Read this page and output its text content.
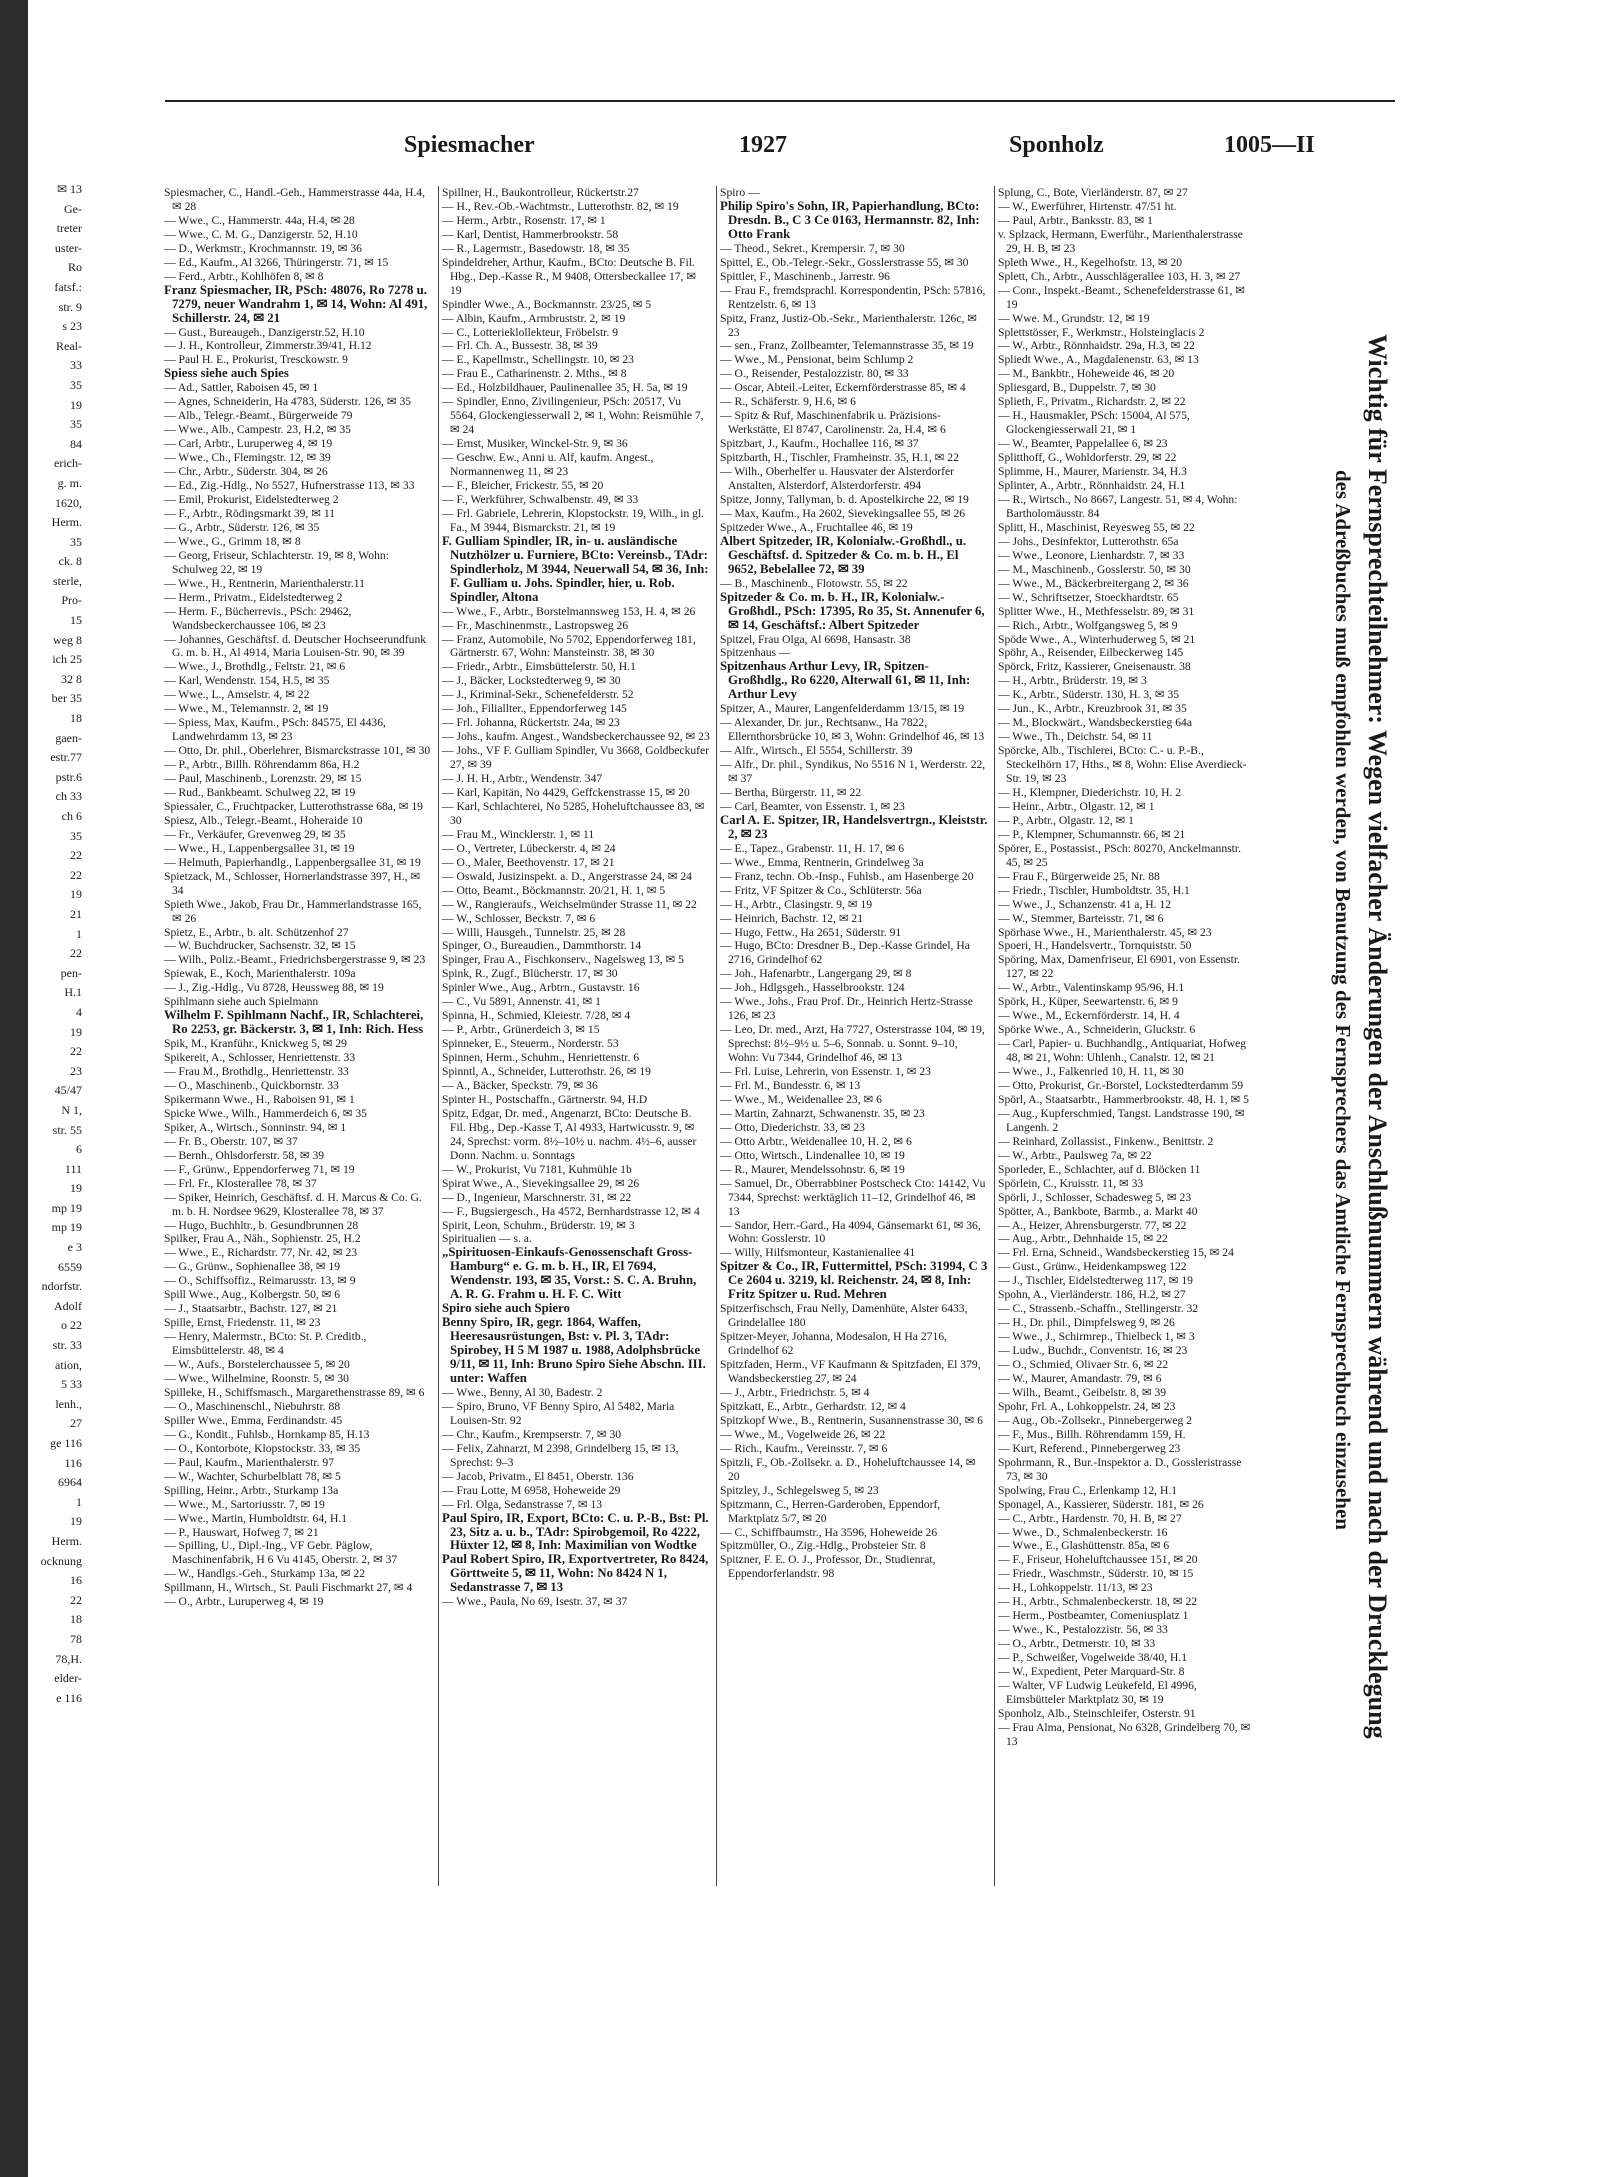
✉ 13
Ge-
treter
uster-
Ro
fatsf.:
str. 9
s 23
Real-
33
35
19
35
84
erich-
g. m.
1620,
Herm.
35
ck. 8
sterle,
Pro-
15
weg 8
ich 25
32 8
ber 35
18
gaen-
estr.77
pstr.6
ch 33
ch 6
35
22
22
19
21
1
22
pen-
H.1
4
19
22
23
45/47
N 1,
str. 55
6
111
19
mp 19
mp 19
e 3
6559
ndorfstr.
Adolf
o 22
str. 33
ation,
5 33
lenh.,
27
ge 116
116
6964
1
19
Herm.
ocknung
16
22
18
78
78,H.
elder-
e 116
Spiesmacher	1927	Sponholz	1005—II

Spiesmacher, C., Handl.-Geh., Hammerstrasse 44a, H.4, ✉ 28

— Wwe., C., Hammerstr. 44a, H.4, ✉ 28

— Wwe., C. M. G., Danzigerstr. 52, H.10

— D., Werkmstr., Krochmannstr. 19, ✉ 36

— Ed., Kaufm., Al 3266, Thüringerstr. 71, ✉ 15

— Ferd., Arbtr., Kohlhöfen 8, ✉ 8

Franz Spiesmacher, IR, PSch: 48076, Ro 7278 u. 7279, neuer Wandrahm 1, ✉ 14, Wohn: Al 491, Schillerstr. 24, ✉ 21

— Gust., Bureaugeh., Danzigerstr.52, H.10

— J. H., Kontrolleur, Zimmerstr.39/41, H.12

— Paul H. E., Prokurist, Tresckowstr. 9

Spiess siehe auch Spies

— Ad., Sattler, Raboisen 45, ✉ 1

— Agnes, Schneiderin, Ha 4783, Süderstr. 126, ✉ 35

— Alb., Telegr.-Beamt., Bürgerweide 79

— Wwe., Alb., Campestr. 23, H.2, ✉ 35

— Carl, Arbtr., Luruperweg 4, ✉ 19

— Wwe., Ch., Flemingstr. 12, ✉ 39

— Chr., Arbtr., Süderstr. 304, ✉ 26

— Ed., Zig.-Hdlg., No 5527, Hufnerstrasse 113, ✉ 33

— Emil, Prokurist, Eidelstedterweg 2

— F., Arbtr., Rödingsmarkt 39, ✉ 11

— G., Arbtr., Süderstr. 126, ✉ 35

— Wwe., G., Grimm 18, ✉ 8

— Georg, Friseur, Schlachterstr. 19, ✉ 8, Wohn: Schulweg 22, ✉ 19

— Wwe., H., Rentnerin, Marienthalerstr.11

— Herm., Privatm., Eidelstedterweg 2

— Herm. F., Bücherrevis., PSch: 29462, Wandsbeckerchaussee 106, ✉ 23

— Johannes, Geschäftsf. d. Deutscher Hochseerundfunk G. m. b. H., Al 4914, Maria Louisen-Str. 90, ✉ 39

— Wwe., J., Brothdlg., Feltstr. 21, ✉ 6

— Karl, Wendenstr. 154, H.5, ✉ 35

— Wwe., L., Amselstr. 4, ✉ 22

— Wwe., M., Telemannstr. 2, ✉ 19

— Spiess, Max, Kaufm., PSch: 84575, El 4436, Landwehrdamm 13, ✉ 23

— Otto, Dr. phil., Oberlehrer, Bismarckstrasse 101, ✉ 30

— P., Arbtr., Billh. Röhrendamm 86a, H.2

— Paul, Maschinenb., Lorenzstr. 29, ✉ 15

— Rud., Bankbeamt. Schulweg 22, ✉ 19

Spiessaler, C., Fruchtpacker, Lutterothstrasse 68a, ✉ 19

Spiesz, Alb., Telegr.-Beamt., Hoheraide 10

— Fr., Verkäufer, Grevenweg 29, ✉ 35

— Wwe., H., Lappenbergsallee 31, ✉ 19

— Helmuth, Papierhandlg., Lappenbergsallee 31, ✉ 19

Spietzack, M., Schlosser, Hornerlandstrasse 397, H., ✉ 34

Spieth Wwe., Jakob, Frau Dr., Hammerlandstrasse 165, ✉ 26

Spietz, E., Arbtr., b. alt. Schützenhof 27

— W. Buchdrucker, Sachsenstr. 32, ✉ 15

— Wilh., Poliz.-Beamt., Friedrichsbergerstrasse 9, ✉ 23

Spiewak, E., Koch, Marienthalerstr. 109a

— J., Zig.-Hdlg., Vu 8728, Heussweg 88, ✉ 19

Spihlmann siehe auch Spielmann

Wilhelm F. Spihlmann Nachf., IR, Schlachterei, Ro 2253, gr. Bäckerstr. 3, ✉ 1, Inh: Rich. Hess

Spik, M., Kranführ., Knickweg 5, ✉ 29

Spikereit, A., Schlosser, Henriettenstr. 33

— Frau M., Brothdlg., Henriettenstr. 33

— O., Maschinenb., Quickbornstr. 33

Spikermann Wwe., H., Raboisen 91, ✉ 1

Spicke Wwe., Wilh., Hammerdeich 6, ✉ 35

Spiker, A., Wirtsch., Sonninstr. 94, ✉ 1

— Fr. B., Oberstr. 107, ✉ 37

— Bernh., Ohlsdorferstr. 58, ✉ 39

— F., Grünw., Eppendorferweg 71, ✉ 19

— Frl. Fr., Klosterallee 78, ✉ 37

— Spiker, Heinrich, Geschäftsf. d. H. Marcus & Co. G. m. b. H. Nordsee 9629, Klosterallee 78, ✉ 37

— Hugo, Buchhltr., b. Gesundbrunnen 28

Spilker, Frau A., Näh., Sophienstr. 25, H.2

— Wwe., E., Richardstr. 77, Nr. 42, ✉ 23

— G., Grünw., Sophienallee 38, ✉ 19

— O., Schiffsoffiz., Reimarusstr. 13, ✉ 9

Spill Wwe., Aug., Kolbergstr. 50, ✉ 6

— J., Staatsarbtr., Bachstr. 127, ✉ 21

Spille, Ernst, Friedenstr. 11, ✉ 23

— Henry, Malermstr., BCto: St. P. Creditb., Eimsbüttelerstr. 48, ✉ 4

— W., Aufs., Borstelerchaussee 5, ✉ 20

— Wwe., Wilhelmine, Roonstr. 5, ✉ 30

Spilleke, H., Schiffsmasch., Margarethenstrasse 89, ✉ 6

— O., Maschinenschl., Niebuhrstr. 88

Spiller Wwe., Emma, Ferdinandstr. 45

— G., Kondit., Fuhlsb., Hornkamp 85, H.13

— O., Kontorbote, Klopstockstr. 33, ✉ 35

— Paul, Kaufm., Marienthalerstr. 97

— W., Wachter, Schurbelblatt 78, ✉ 5

Spilling, Heinr., Arbtr., Sturkamp 13a

— Wwe., M., Sartoriusstr. 7, ✉ 19

— Wwe., Martin, Humboldtstr. 64, H.1

— P., Hauswart, Hofweg 7, ✉ 21

— Spilling, U., Dipl.-Ing., VF Gebr. Päglow, Maschinenfabrik, H 6 Vu 4145, Oberstr. 2, ✉ 37

— W., Handlgs.-Geh., Sturkamp 13a, ✉ 22

Spillmann, H., Wirtsch., St. Pauli Fischmarkt 27, ✉ 4

— O., Arbtr., Luruperweg 4, ✉ 19

Spillner, H., Baukontrolleur, Rückertstr.27

— H., Rev.-Ob.-Wachtmstr., Lutterothstr. 82, ✉ 19

— Herm., Arbtr., Rosenstr. 17, ✉ 1

— Karl, Dentist, Hammerbrookstr. 58

— R., Lagermstr., Basedowstr. 18, ✉ 35

Spindeldreher, Arthur, Kaufm., BCto: Deutsche B. Fil. Hbg., Dep.-Kasse R., M 9408, Ottersbeckallee 17, ✉ 19

Spindler Wwe., A., Bockmannstr. 23/25, ✉ 5

— Albin, Kaufm., Armbruststr. 2, ✉ 19

— C., Lotterieklollekteur, Fröbelstr. 9

— Frl. Ch. A., Bussestr. 38, ✉ 39

— E., Kapellmstr., Schellingstr. 10, ✉ 23

— Frau E., Catharinenstr. 2. Mths., ✉ 8

— Ed., Holzbildhauer, Paulinenallee 35, H. 5a, ✉ 19

— Spindler, Enno, Zivilingenieur, PSch: 20517, Vu 5564, Glockengiesserwall 2, ✉ 1, Wohn: Reismühle 7, ✉ 24

— Ernst, Musiker, Winckel-Str. 9, ✉ 36

— Geschw. Ew., Anni u. Alf, kaufm. Angest., Normannenweg 11, ✉ 23

— F., Bleicher, Frickestr. 55, ✉ 20

— F., Werkführer, Schwalbenstr. 49, ✉ 33

— Frl. Gabriele, Lehrerin, Klopstockstr. 19, Wilh., in gl. Fa., M 3944, Bismarckstr. 21, ✉ 19

F. Gulliam Spindler, IR, in- u. ausländische Nutzhölzer u. Furniere, BCto: Vereinsb., TAdr: Spindlerholz, M 3944, Neuerwall 54, ✉ 36, Inh: F. Gulliam u. Johs. Spindler, hier, u. Rob. Spindler, Altona

— Wwe., F., Arbtr., Borstelmannsweg 153, H. 4, ✉ 26

— Fr., Maschinenmstr., Lastropsweg 26

— Franz, Automobile, No 5702, Eppendorferweg 181, Gärtnerstr. 67, Wohn: Mansteinstr. 38, ✉ 30

— Friedr., Arbtr., Eimsbüttelerstr. 50, H.1

— J., Bäcker, Lockstedterweg 9, ✉ 30

— J., Kriminal-Sekr., Schenefelderstr. 52

— Joh., Filiallter., Eppendorferweg 145

— Frl. Johanna, Rückertstr. 24a, ✉ 23

— Johs., kaufm. Angest., Wandsbeckerchaussee 92, ✉ 23

— Johs., VF F. Gulliam Spindler, Vu 3668, Goldbeckufer 27, ✉ 39

— J. H. H., Arbtr., Wendenstr. 347

— Karl, Kapitän, No 4429, Geffckenstrasse 15, ✉ 20

— Karl, Schlachterei, No 5285, Hoheluftchaussee 83, ✉ 30

— Frau M., Wincklerstr. 1, ✉ 11

— O., Vertreter, Lübeckerstr. 4, ✉ 24

— O., Maler, Beethovenstr. 17, ✉ 21

— Oswald, Jusizinspekt. a. D., Angerstrasse 24, ✉ 24

— Otto, Beamt., Böckmannstr. 20/21, H. 1, ✉ 5

— W., Rangieraufs., Weichselmünder Strasse 11, ✉ 22

— W., Schlosser, Beckstr. 7, ✉ 6

— Willi, Hausgeh., Tunnelstr. 25, ✉ 28

Spinger, O., Bureaudien., Dammthorstr. 14

Spinger, Frau A., Fischkonserv., Nagelsweg 13, ✉ 5

Spink, R., Zugf., Blücherstr. 17, ✉ 30

Spinler Wwe., Aug., Arbtrn., Gustavstr. 16

— C., Vu 5891, Annenstr. 41, ✉ 1

Spinna, H., Schmied, Kleiestr. 7/28, ✉ 4

— P., Arbtr., Grünerdeich 3, ✉ 15

Spinneker, E., Steuerm., Norderstr. 53

Spinnen, Herm., Schuhm., Henriettenstr. 6

Spinntl, A., Schneider, Lutterothstr. 26, ✉ 19

— A., Bäcker, Speckstr. 79, ✉ 36

Spinter H., Postschaffn., Gärtnerstr. 94, H.D

Spitz, Edgar, Dr. med., Angenarzt, BCto: Deutsche B. Fil. Hbg., Dep.-Kasse T, Al 4933, Hartwicusstr. 9, ✉ 24, Sprechst: vorm. 8½–10½ u. nachm. 4½–6, ausser Donn. Nachm. u. Sonntags

— W., Prokurist, Vu 7181, Kuhmühle 1b

Spirat Wwe., A., Sievekingsallee 29, ✉ 26

— D., Ingenieur, Marschnerstr. 31, ✉ 22

— F., Bugsiergesch., Ha 4572, Bernhardstrasse 12, ✉ 4

Spirit, Leon, Schuhm., Brüderstr. 19, ✉ 3

Spiritualien — s. a.

„Spirituosen-Einkaufs-Genossenschaft Gross-Hamburg“ e. G. m. b. H., IR, El 7694, Wendenstr. 193, ✉ 35, Vorst.: S. C. A. Bruhn, A. R. G. Frahm u. H. F. C. Witt

Spiro siehe auch Spiero

Benny Spiro, IR, gegr. 1864, Waffen, Heeresausrüstungen, Bst: v. Pl. 3, TAdr: Spirobey, H 5 M 1987 u. 1988, Adolphsbrücke 9/11, ✉ 11, Inh: Bruno Spiro Siehe Abschn. III. unter: Waffen

— Wwe., Benny, Al 30, Badestr. 2

— Spiro, Bruno, VF Benny Spiro, Al 5482, Maria Louisen-Str. 92

— Chr., Kaufm., Krempserstr. 7, ✉ 30

— Felix, Zahnarzt, M 2398, Grindelberg 15, ✉ 13, Sprechst: 9–3

— Jacob, Privatm., El 8451, Oberstr. 136

— Frau Lotte, M 6958, Hoheweide 29

— Frl. Olga, Sedanstrasse 7, ✉ 13

Paul Spiro, IR, Export, BCto: C. u. P.-B., Bst: Pl. 23, Sitz a. u. b., TAdr: Spirobgemoil, Ro 4222, Hüxter 12, ✉ 8, Inh: Maximilian von Wodtke

Paul Robert Spiro, IR, Exportvertreter, Ro 8424, Görttweite 5, ✉ 11, Wohn: No 8424 N 1, Sedanstrasse 7, ✉ 13

— Wwe., Paula, No 69, Isestr. 37, ✉ 37

Spiro —

Philip Spiro's Sohn, IR, Papierhandlung, BCto: Dresdn. B., C 3 Ce 0163, Hermannstr. 82, Inh: Otto Frank

— Theod., Sekret., Krempersir. 7, ✉ 30

Spittel, E., Ob.-Telegr.-Sekr., Gosslerstrasse 55, ✉ 30

Spittler, F., Maschinenb., Jarrestr. 96

— Frau F., fremdsprachl. Korrespondentin, PSch: 57816, Rentzelstr. 6, ✉ 13

Spitz, Franz, Justiz-Ob.-Sekr., Marienthalerstr. 126c, ✉ 23

— sen., Franz, Zollbeamter, Telemannstrasse 35, ✉ 19

— Wwe., M., Pensionat, beim Schlump 2

— O., Reisender, Pestalozzistr. 80, ✉ 33

— Oscar, Abteil.-Leiter, Eckernförderstrasse 85, ✉ 4

— R., Schäferstr. 9, H.6, ✉ 6

— Spitz & Ruf, Maschinenfabrik u. Präzisions-Werkstätte, El 8747, Carolinenstr. 2a, H.4, ✉ 6

Spitzbart, J., Kaufm., Hochallee 116, ✉ 37

Spitzbarth, H., Tischler, Framheinstr. 35, H.1, ✉ 22

— Wilh., Oberhelfer u. Hausvater der Alsterdorfer Anstalten, Alsterdorf, Alsterdorferstr. 494

Spitze, Jonny, Tallyman, b. d. Apostelkirche 22, ✉ 19

— Max, Kaufm., Ha 2602, Sievekingsallee 55, ✉ 26

Spitzeder Wwe., A., Fruchtallee 46, ✉ 19

Albert Spitzeder, IR, Kolonialw.-Großhdl., u. Geschäftsf. d. Spitzeder & Co. m. b. H., El 9652, Bebelallee 72, ✉ 39

— B., Maschinenb., Flotowstr. 55, ✉ 22

Spitzeder & Co. m. b. H., IR, Kolonialw.-Großhdl., PSch: 17395, Ro 35, St. Annenufer 6, ✉ 14, Geschäftsf.: Albert Spitzeder

Spitzel, Frau Olga, Al 6698, Hansastr. 38

Spitzenhaus —

Spitzenhaus Arthur Levy, IR, Spitzen-Großhdlg., Ro 6220, Alterwall 61, ✉ 11, Inh: Arthur Levy

Spitzer, A., Maurer, Langenfelderdamm 13/15, ✉ 19

— Alexander, Dr. jur., Rechtsanw., Ha 7822, Ellernthorsbrücke 10, ✉ 3, Wohn: Grindelhof 46, ✉ 13

— Alfr., Wirtsch., El 5554, Schillerstr. 39

— Alfr., Dr. phil., Syndikus, No 5516 N 1, Werderstr. 22, ✉ 37

— Bertha, Bürgerstr. 11, ✉ 22

— Carl, Beamter, von Essenstr. 1, ✉ 23

Carl A. E. Spitzer, IR, Handelsvertrgn., Kleiststr. 2, ✉ 23

— E., Tapez., Grabenstr. 11, H. 17, ✉ 6

— Wwe., Emma, Rentnerin, Grindelweg 3a

— Franz, techn. Ob.-Insp., Fuhlsb., am Hasenberge 20

— Fritz, VF Spitzer & Co., Schlüterstr. 56a

— H., Arbtr., Clasingstr. 9, ✉ 19

— Heinrich, Bachstr. 12, ✉ 21

— Hugo, Fettw., Ha 2651, Süderstr. 91

— Hugo, BCto: Dresdner B., Dep.-Kasse Grindel, Ha 2716, Grindelhof 62

— Joh., Hafenarbtr., Langergang 29, ✉ 8

— Joh., Hdlgsgeh., Hasselbrookstr. 124

— Wwe., Johs., Frau Prof. Dr., Heinrich Hertz-Strasse 126, ✉ 23

— Leo, Dr. med., Arzt, Ha 7727, Osterstrasse 104, ✉ 19, Sprechst: 8½–9½ u. 5–6, Sonnab. u. Sonnt. 9–10, Wohn: Vu 7344, Grindelhof 46, ✉ 13

— Frl. Luise, Lehrerin, von Essenstr. 1, ✉ 23

— Frl. M., Bundesstr. 6, ✉ 13

— Wwe., M., Weidenallee 23, ✉ 6

— Martin, Zahnarzt, Schwanenstr. 35, ✉ 23

— Otto, Diederichstr. 33, ✉ 23

— Otto Arbtr., Weidenallee 10, H. 2, ✉ 6

— Otto, Wirtsch., Lindenallee 10, ✉ 19

— R., Maurer, Mendelssohnstr. 6, ✉ 19

— Samuel, Dr., Oberrabbiner Postscheck Cto: 14142, Vu 7344, Sprechst: werktäglich 11–12, Grindelhof 46, ✉ 13

— Sandor, Herr.-Gard., Ha 4094, Gänsemarkt 61, ✉ 36, Wohn: Gosslerstr. 10

— Willy, Hilfsmonteur, Kastanienallee 41

Spitzer & Co., IR, Futtermittel, PSch: 31994, C 3 Ce 2604 u. 3219, kl. Reichenstr. 24, ✉ 8, Inh: Fritz Spitzer u. Rud. Mehren

Spitzerfischsch, Frau Nelly, Damenhüte, Alster 6433, Grindelallee 180

Spitzer-Meyer, Johanna, Modesalon, H Ha 2716, Grindelhof 62

Spitzfaden, Herm., VF Kaufmann & Spitzfaden, El 379, Wandsbeckerstieg 27, ✉ 24

— J., Arbtr., Friedrichstr. 5, ✉ 4

Spitzkatt, E., Arbtr., Gerhardstr. 12, ✉ 4

Spitzkopf Wwe., B., Rentnerin, Susannenstrasse 30, ✉ 6

— Wwe., M., Vogelweide 26, ✉ 22

— Rich., Kaufm., Vereinsstr. 7, ✉ 6

Spitzli, F., Ob.-Zollsekr. a. D., Hoheluftchaussee 14, ✉ 20

Spitzley, J., Schlegelsweg 5, ✉ 23

Spitzmann, C., Herren-Garderoben, Eppendorf, Marktplatz 5/7, ✉ 20

— C., Schiffbaumstr., Ha 3596, Hoheweide 26

Spitzmüller, O., Zig.-Hdlg., Probsteier Str. 8

Spitzner, F. E. O. J., Professor, Dr., Studienrat, Eppendorferlandstr. 98

Splung, C., Bote, Vierländerstr. 87, ✉ 27

— W., Ewerführer, Hirtenstr. 47/51 ht.

— Paul, Arbtr., Banksstr. 83, ✉ 1

v. Splzack, Hermann, Ewerführ., Marienthalerstrasse 29, H. B, ✉ 23

Spleth Wwe., H., Kegelhofstr. 13, ✉ 20

Splett, Ch., Arbtr., Ausschlägerallee 103, H. 3, ✉ 27

— Conr., Inspekt.-Beamt., Schenefelderstrasse 61, ✉ 19

— Wwe. M., Grundstr. 12, ✉ 19

Splettstösser, F., Werkmstr., Holsteinglacis 2

— W., Arbtr., Rönnhaidstr. 29a, H.3, ✉ 22

Spliedt Wwe., A., Magdalenenstr. 63, ✉ 13

— M., Bankbtr., Hoheweide 46, ✉ 20

Spliesgard, B., Duppelstr. 7, ✉ 30

Splieth, F., Privatm., Richardstr. 2, ✉ 22

— H., Hausmakler, PSch: 15004, Al 575, Glockengiesserwall 21, ✉ 1

— W., Beamter, Pappelallee 6, ✉ 23

Splitthoff, G., Wohldorferstr. 29, ✉ 22

Splimme, H., Maurer, Marienstr. 34, H.3

Splinter, A., Arbtr., Rönnhaidstr. 24, H.1

— R., Wirtsch., No 8667, Langestr. 51, ✉ 4, Wohn: Bartholomäusstr. 84

Splitt, H., Maschinist, Reyesweg 55, ✉ 22

— Johs., Desinfektor, Lutterothstr. 65a

— Wwe., Leonore, Lienhardstr. 7, ✉ 33

— M., Maschinenb., Gosslerstr. 50, ✉ 30

— Wwe., M., Bäckerbreitergang 2, ✉ 36

— W., Schriftsetzer, Stoeckhardtstr. 65

Splitter Wwe., H., Methfesselstr. 89, ✉ 31

— Rich., Arbtr., Wolfgangsweg 5, ✉ 9

Spöde Wwe., A., Winterhuderweg 5, ✉ 21

Spöhr, A., Reisender, Eilbeckerweg 145

Spörck, Fritz, Kassierer, Gneisenaustr. 38

— H., Arbtr., Brüderstr. 19, ✉ 3

— K., Arbtr., Süderstr. 130, H. 3, ✉ 35

— Jun., K., Arbtr., Kreuzbrook 31, ✉ 35

— M., Blockwärt., Wandsbeckerstieg 64a

— Wwe., Th., Deichstr. 54, ✉ 11

Spörcke, Alb., Tischlerei, BCto: C.- u. P.-B., Steckelhörn 17, Hths., ✉ 8, Wohn: Elise Averdieck-Str. 19, ✉ 23

— H., Klempner, Diederichstr. 10, H. 2

— Heinr., Arbtr., Olgastr. 12, ✉ 1

— P., Arbtr., Olgastr. 12, ✉ 1

— P., Klempner, Schumannstr. 66, ✉ 21

Spörer, E., Postassist., PSch: 80270, Anckelmannstr. 45, ✉ 25

— Frau F., Bürgerweide 25, Nr. 88

— Friedr., Tischler, Humboldtstr. 35, H.1

— Wwe., J., Schanzenstr. 41 a, H. 12

— W., Stemmer, Barteisstr. 71, ✉ 6

Spörhase Wwe., H., Marienthalerstr. 45, ✉ 23

Spoeri, H., Handelsvertr., Tornquiststr. 50

Spöring, Max, Damenfriseur, El 6901, von Essenstr. 127, ✉ 22

— W., Arbtr., Valentinskamp 95/96, H.1

Spörk, H., Küper, Seewartenstr. 6, ✉ 9

— Wwe., M., Eckernförderstr. 14, H. 4

Spörke Wwe., A., Schneiderin, Gluckstr. 6

— Carl, Papier- u. Buchhandlg., Antiquariat, Hofweg 48, ✉ 21, Wohn: Uhlenh., Canalstr. 12, ✉ 21

— Wwe., J., Falkenried 10, H. 11, ✉ 30

— Otto, Prokurist, Gr.-Borstel, Lockstedterdamm 59

Spörl, A., Staatsarbtr., Hammerbrookstr. 48, H. 1, ✉ 5

— Aug., Kupferschmied, Tangst. Landstrasse 190, ✉ Langenh. 2

— Reinhard, Zollassist., Finkenw., Benittstr. 2

— W., Arbtr., Paulsweg 7a, ✉ 22

Sporleder, E., Schlachter, auf d. Blöcken 11

Spörlein, C., Kruisstr. 11, ✉ 33

Spörli, J., Schlosser, Schadesweg 5, ✉ 23

Spötter, A., Bankbote, Barmb., a. Markt 40

— A., Heizer, Ahrensburgerstr. 77, ✉ 22

— Aug., Arbtr., Dehnhaide 15, ✉ 22

— Frl. Erna, Schneid., Wandsbeckerstieg 15, ✉ 24

— Gust., Grünw., Heidenkampsweg 122

— J., Tischler, Eidelstedterweg 117, ✉ 19

Spohn, A., Vierländerstr. 186, H.2, ✉ 27

— C., Strassenb.-Schaffn., Stellingerstr. 32

— H., Dr. phil., Dimpfelsweg 9, ✉ 26

— Wwe., J., Schirmrep., Thielbeck 1, ✉ 3

— Ludw., Buchdr., Conventstr. 16, ✉ 23

— O., Schmied, Olivaer Str. 6, ✉ 22

— W., Maurer, Amandastr. 79, ✉ 6

— Wilh., Beamt., Geibelstr. 8, ✉ 39

Spohr, Frl. A., Lohkoppelstr. 24, ✉ 23

— Aug., Ob.-Zollsekr., Pinnebergerweg 2

— F., Mus., Billh. Röhrendamm 159, H.

— Kurt, Referend., Pinnebergerweg 23

Spohrmann, R., Bur.-Inspektor a. D., Gossleristrasse 73, ✉ 30

Spolwing, Frau C., Erlenkamp 12, H.1

Sponagel, A., Kassierer, Süderstr. 181, ✉ 26

— C., Arbtr., Hardenstr. 70, H. B, ✉ 27

— Wwe., D., Schmalenbeckerstr. 16

— Wwe., E., Glashüttenstr. 85a, ✉ 6

— F., Friseur, Hoheluftchaussee 151, ✉ 20

— Friedr., Waschmstr., Süderstr. 10, ✉ 15

— H., Lohkoppelstr. 11/13, ✉ 23

— H., Arbtr., Schmalenbeckerstr. 18, ✉ 22

— Herm., Postbeamter, Comeniusplatz 1

— Wwe., K., Pestalozzistr. 56, ✉ 33

— O., Arbtr., Detmerstr. 10, ✉ 33

— P., Schweißer, Vogelweide 38/40, H.1

— W., Expedient, Peter Marquard-Str. 8

— Walter, VF Ludwig Leukefeld, El 4996, Eimsbütteler Marktplatz 30, ✉ 19

Sponholz, Alb., Steinschleifer, Osterstr. 91

— Frau Alma, Pensionat, No 6328, Grindelberg 70, ✉ 13

Wichtig für Fernsprechteilnehmer: Wegen vielfacher Änderungen der Anschlußnummern während und nach der Drucklegung
des Adreßbuches muß empfohlen werden, von Benutzung des Fernsprechers das Amtliche Fernsprechbuch einzusehen
